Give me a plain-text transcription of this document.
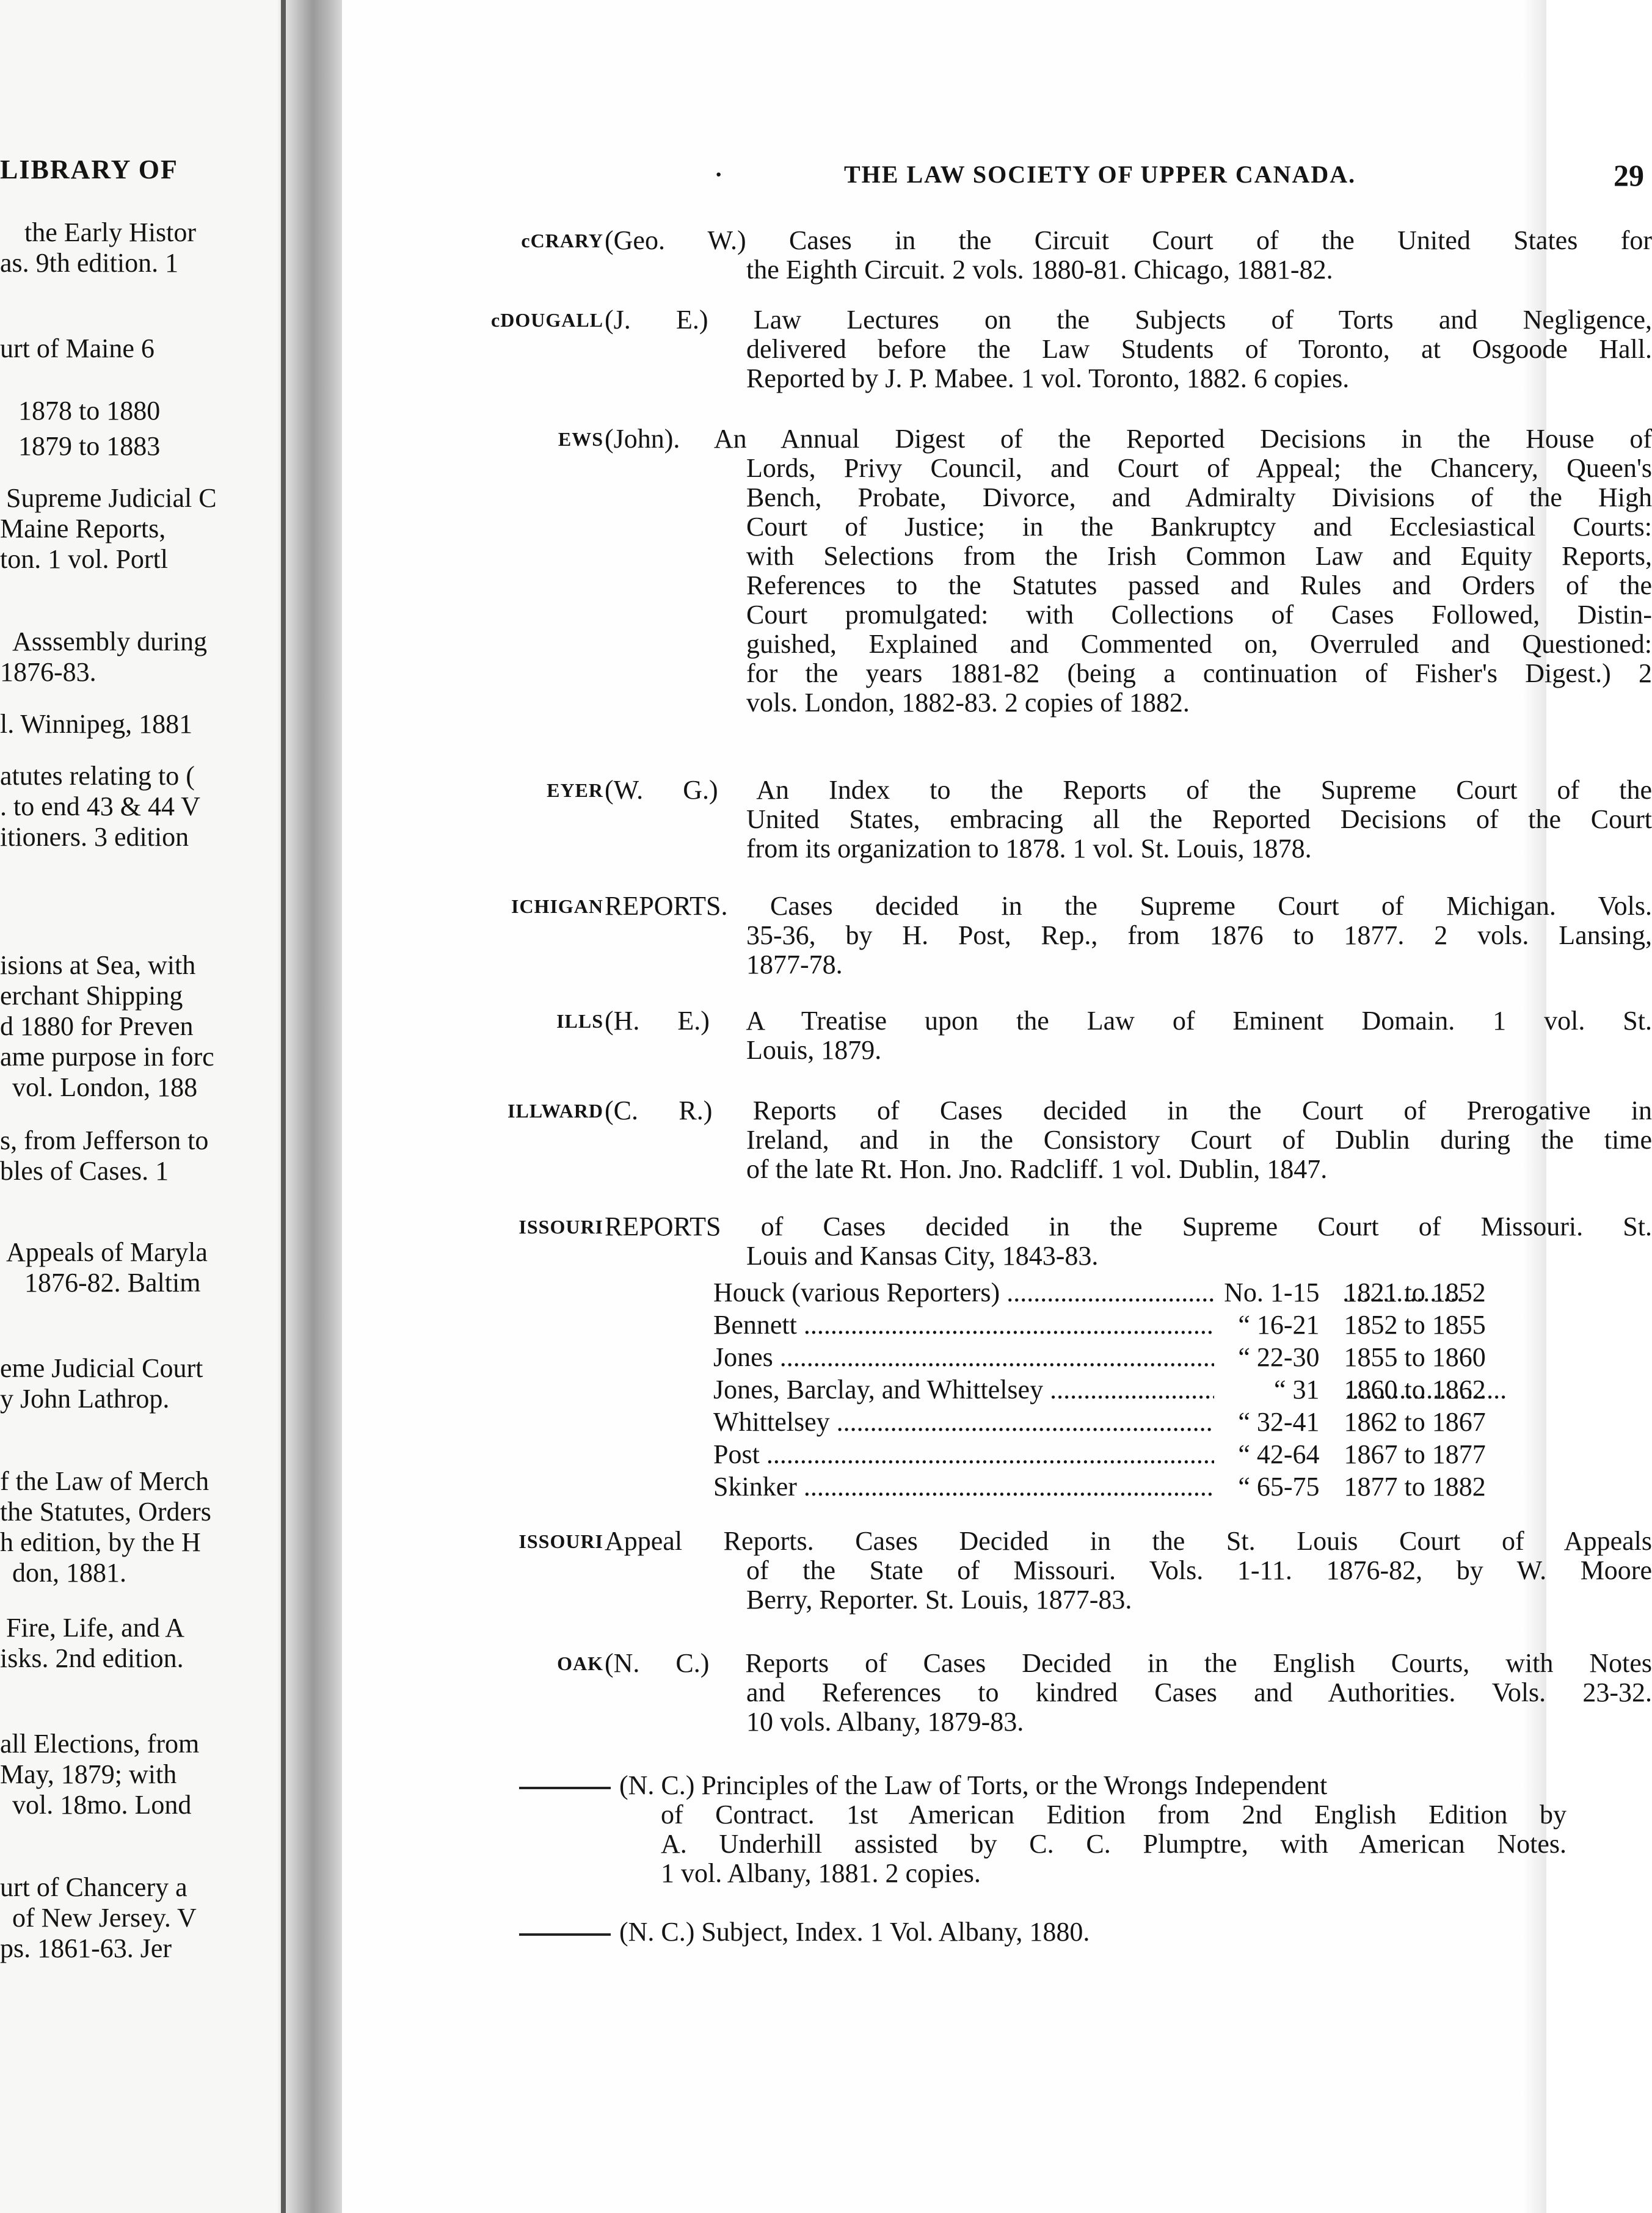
LIBRARY OF
the Early Histor
as. 9th edition. 1
urt of Maine 6
1878 to 1880
1879 to 1883
Supreme Judicial C
Maine Reports,
ton. 1 vol. Portl
Asssembly during
1876-83.
l. Winnipeg, 1881
atutes relating to (
. to end 43 & 44 V
itioners. 3 edition
isions at Sea, with
erchant Shipping
d 1880 for Preven
ame purpose in forc
vol. London, 188
s, from Jefferson to
bles of Cases. 1
Appeals of Maryla
1876-82. Baltim
eme Judicial Court
y John Lathrop.
f the Law of Merch
the Statutes, Orders
h edition, by the H
don, 1881.
Fire, Life, and A
isks. 2nd edition.
all Elections, from
May, 1879; with
vol. 18mo. Lond
urt of Chancery a
of New Jersey. V
ps. 1861-63. Jer
·	THE LAW SOCIETY OF UPPER CANADA.	29
cCRARY (Geo. W.) Cases in the Circuit Court of the United States for
the Eighth Circuit. 2 vols. 1880-81. Chicago, 1881-82.
cDOUGALL (J. E.) Law Lectures on the Subjects of Torts and Negligence,
delivered before the Law Students of Toronto, at Osgoode Hall.
Reported by J. P. Mabee. 1 vol. Toronto, 1882. 6 copies.
EWS (John). An Annual Digest of the Reported Decisions in the House of
Lords, Privy Council, and Court of Appeal; the Chancery, Queen's
Bench, Probate, Divorce, and Admiralty Divisions of the High
Court of Justice; in the Bankruptcy and Ecclesiastical Courts:
with Selections from the Irish Common Law and Equity Reports,
References to the Statutes passed and Rules and Orders of the
Court promulgated: with Collections of Cases Followed, Distin-
guished, Explained and Commented on, Overruled and Questioned:
for the years 1881-82 (being a continuation of Fisher's Digest.) 2
vols. London, 1882-83. 2 copies of 1882.
EYER (W. G.) An Index to the Reports of the Supreme Court of the
United States, embracing all the Reported Decisions of the Court
from its organization to 1878. 1 vol. St. Louis, 1878.
ICHIGAN REPORTS. Cases decided in the Supreme Court of Michigan. Vols.
35-36, by H. Post, Rep., from 1876 to 1877. 2 vols. Lansing,
1877-78.
ILLS (H. E.) A Treatise upon the Law of Eminent Domain. 1 vol. St.
Louis, 1879.
ILLWARD (C. R.) Reports of Cases decided in the Court of Prerogative in
Ireland, and in the Consistory Court of Dublin during the time
of the late Rt. Hon. Jno. Radcliff. 1 vol. Dublin, 1847.
ISSOURI REPORTS of Cases decided in the Supreme Court of Missouri. St.
Louis and Kansas City, 1843-83.
ISSOURI Appeal Reports. Cases Decided in the St. Louis Court of Appeals
of the State of Missouri. Vols. 1-11. 1876-82, by W. Moore
Berry, Reporter. St. Louis, 1877-83.
OAK (N. C.) Reports of Cases Decided in the English Courts, with Notes
and References to kindred Cases and Authorities. Vols. 23-32.
10 vols. Albany, 1879-83.
(N. C.) Principles of the Law of Torts, or the Wrongs Independent

of Contract. 1st American Edition from 2nd English Edition by
A. Underhill assisted by C. C. Plumptre, with American Notes.
1 vol. Albany, 1881. 2 copies.
(N. C.) Subject, Index. 1 Vol. Albany, 1880.

Houck (various Reporters) .....	No. 1-15 1821 to 1852
Bennett .....	“ 16-21 1852 to 1855
Jones .....	“ 22-30 1855 to 1860
Jones, Barclay, and Whittelsey .....	“ 31 1860 to 1862
Whittelsey .....	“ 32-41 1862 to 1867
Post .....	“ 42-64 1867 to 1877
Skinker .....	“ 65-75 1877 to 1882
